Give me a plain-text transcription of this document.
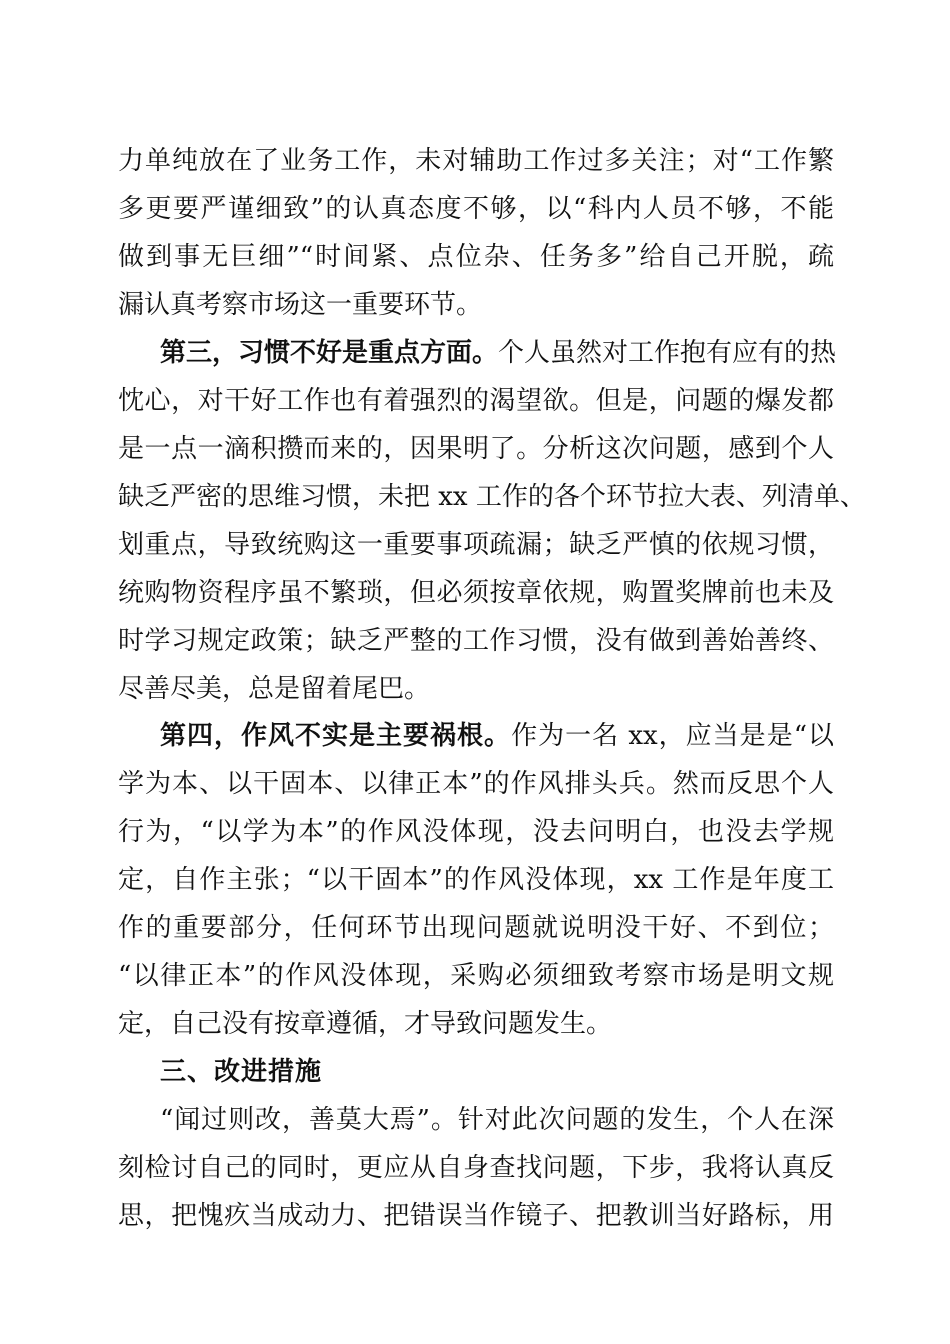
力单纯放在了业务工作，未对辅助工作过多关注；对“工作繁
多更要严谨细致”的认真态度不够，以“科内人员不够，不能
做到事无巨细”“时间紧、点位杂、任务多”给自己开脱，疏
漏认真考察市场这一重要环节。
第三，习惯不好是重点方面。个人虽然对工作抱有应有的热
忱心，对干好工作也有着强烈的渴望欲。但是，问题的爆发都
是一点一滴积攒而来的，因果明了。分析这次问题，感到个人
缺乏严密的思维习惯，未把 xx 工作的各个环节拉大表、列清单、
划重点，导致统购这一重要事项疏漏；缺乏严慎的依规习惯，
统购物资程序虽不繁琐，但必须按章依规，购置奖牌前也未及
时学习规定政策；缺乏严整的工作习惯，没有做到善始善终、
尽善尽美，总是留着尾巴。
第四，作风不实是主要祸根。作为一名 xx，应当是是“以
学为本、以干固本、以律正本”的作风排头兵。然而反思个人
行为，“以学为本”的作风没体现，没去问明白，也没去学规
定，自作主张；“以干固本”的作风没体现，xx 工作是年度工
作的重要部分，任何环节出现问题就说明没干好、不到位；
“以律正本”的作风没体现，采购必须细致考察市场是明文规
定，自己没有按章遵循，才导致问题发生。
三、改进措施
“闻过则改，善莫大焉”。针对此次问题的发生，个人在深
刻检讨自己的同时，更应从自身查找问题，下步，我将认真反
思，把愧疚当成动力、把错误当作镜子、把教训当好路标，用
